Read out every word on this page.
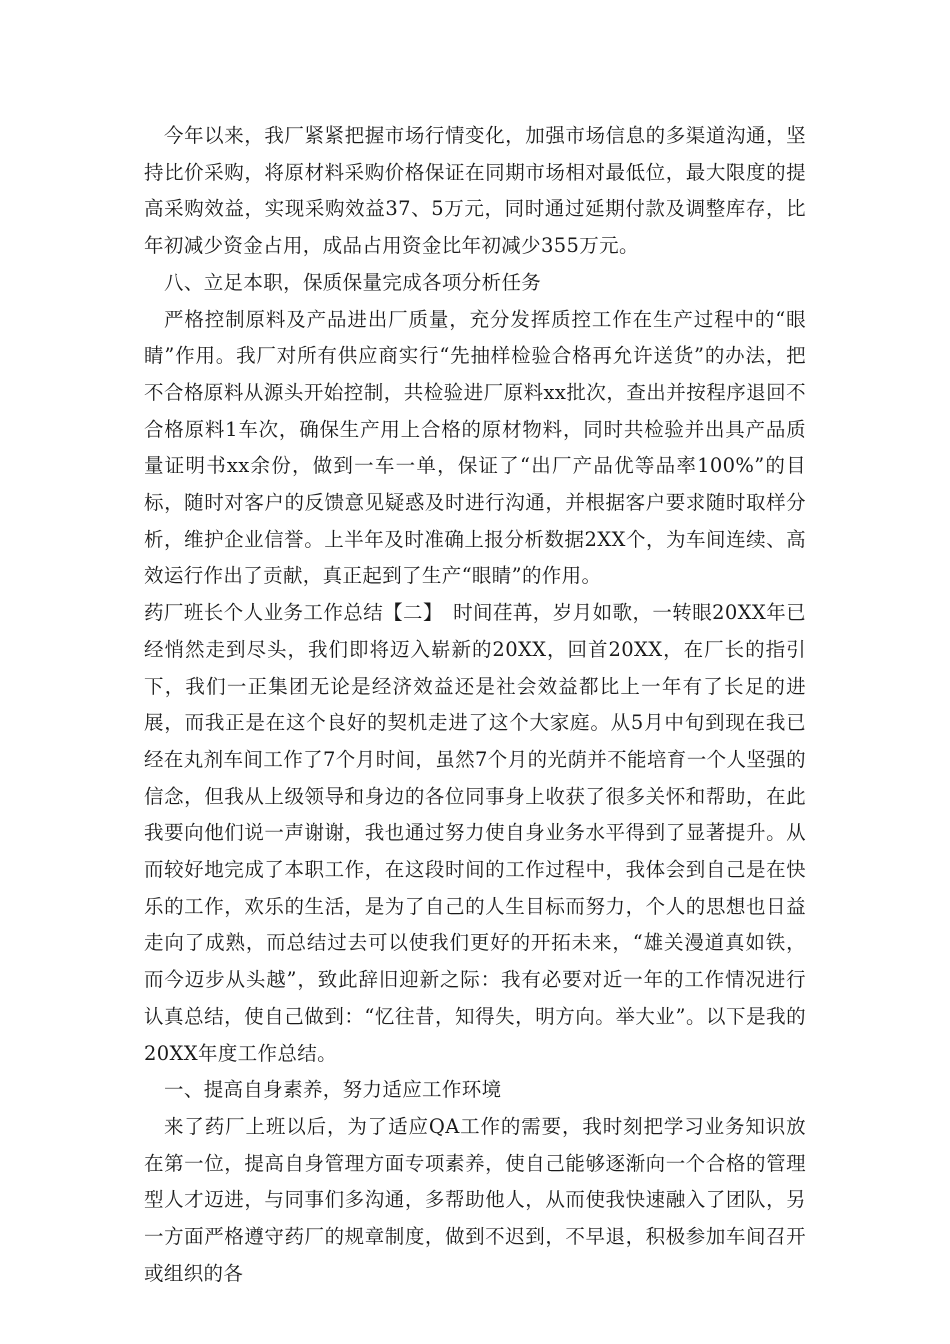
今年以来，我厂紧紧把握市场行情变化，加强市场信息的多渠道沟通，坚持比价采购，将原材料采购价格保证在同期市场相对最低位，最大限度的提高采购效益，实现采购效益37、5万元，同时通过延期付款及调整库存，比年初减少资金占用，成品占用资金比年初减少355万元。

八、立足本职，保质保量完成各项分析任务

严格控制原料及产品进出厂质量，充分发挥质控工作在生产过程中的“眼睛”作用。我厂对所有供应商实行“先抽样检验合格再允许送货”的办法，把不合格原料从源头开始控制，共检验进厂原料xx批次，查出并按程序退回不合格原料1车次，确保生产用上合格的原材物料，同时共检验并出具产品质量证明书xx余份，做到一车一单，保证了“出厂产品优等品率100%”的目标，随时对客户的反馈意见疑惑及时进行沟通，并根据客户要求随时取样分析，维护企业信誉。上半年及时准确上报分析数据2XX个，为车间连续、高效运行作出了贡献，真正起到了生产“眼睛”的作用。

药厂班长个人业务工作总结【二】　时间荏苒，岁月如歌，一转眼20XX年已经悄然走到尽头，我们即将迈入崭新的20XX，回首20XX，在厂长的指引下，我们一正集团无论是经济效益还是社会效益都比上一年有了长足的进展，而我正是在这个良好的契机走进了这个大家庭。从5月中旬到现在我已经在丸剂车间工作了7个月时间，虽然7个月的光荫并不能培育一个人坚强的信念，但我从上级领导和身边的各位同事身上收获了很多关怀和帮助，在此我要向他们说一声谢谢，我也通过努力使自身业务水平得到了显著提升。从而较好地完成了本职工作，在这段时间的工作过程中，我体会到自己是在快乐的工作，欢乐的生活，是为了自己的人生目标而努力，个人的思想也日益走向了成熟，而总结过去可以使我们更好的开拓未来，“雄关漫道真如铁，而今迈步从头越”，致此辞旧迎新之际：我有必要对近一年的工作情况进行认真总结，使自己做到：“忆往昔，知得失，明方向。举大业”。以下是我的20XX年度工作总结。

一、提高自身素养，努力适应工作环境

来了药厂上班以后，为了适应QA工作的需要，我时刻把学习业务知识放在第一位，提高自身管理方面专项素养，使自己能够逐渐向一个合格的管理型人才迈进，与同事们多沟通，多帮助他人，从而使我快速融入了团队，另一方面严格遵守药厂的规章制度，做到不迟到，不早退，积极参加车间召开或组织的各
